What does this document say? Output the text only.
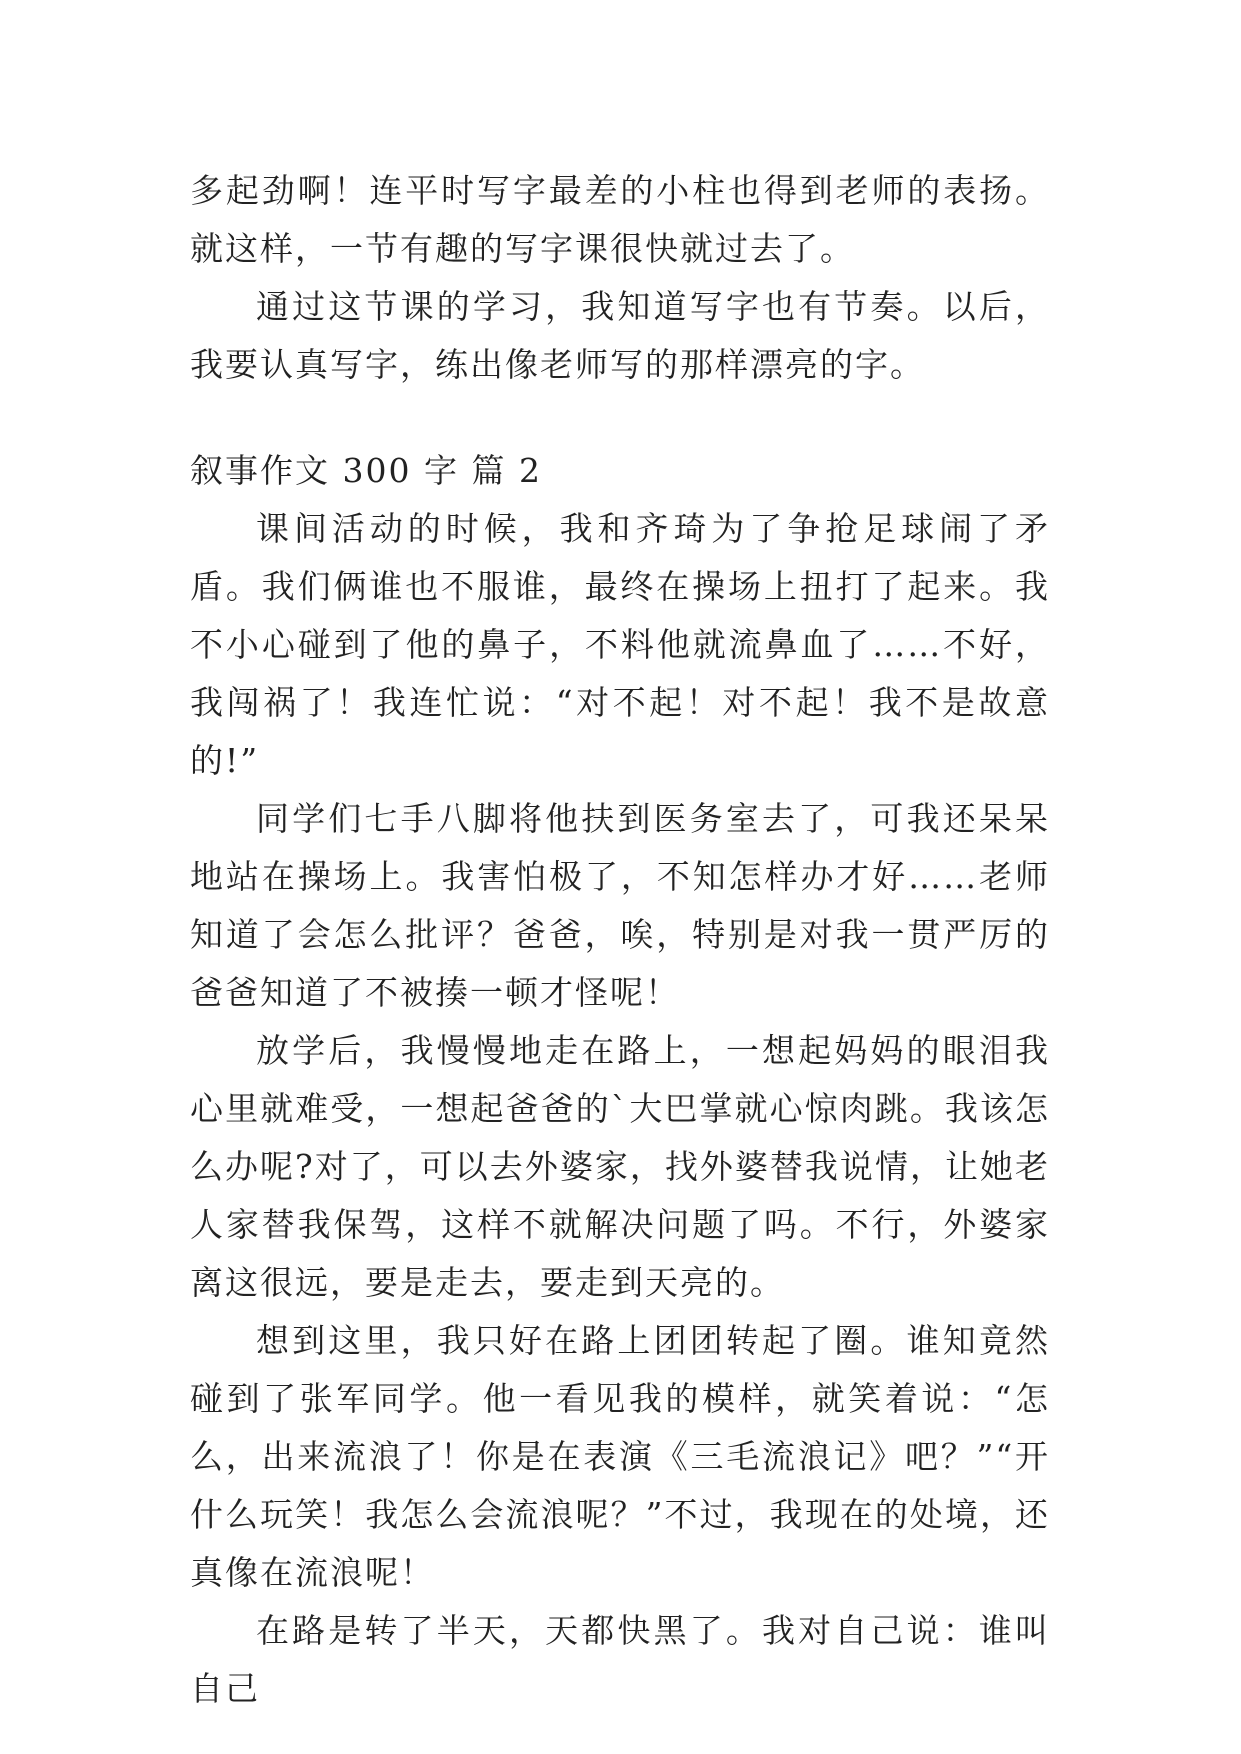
多起劲啊！连平时写字最差的小柱也得到老师的表扬。就这样，一节有趣的写字课很快就过去了。

通过这节课的学习，我知道写字也有节奏。以后，我要认真写字，练出像老师写的那样漂亮的字。

叙事作文 300 字 篇 2

课间活动的时候，我和齐琦为了争抢足球闹了矛盾。我们俩谁也不服谁，最终在操场上扭打了起来。我不小心碰到了他的鼻子，不料他就流鼻血了……不好，我闯祸了！我连忙说：“对不起！对不起！我不是故意的!”

同学们七手八脚将他扶到医务室去了，可我还呆呆地站在操场上。我害怕极了，不知怎样办才好……老师知道了会怎么批评？爸爸，唉，特别是对我一贯严厉的爸爸知道了不被揍一顿才怪呢！

放学后，我慢慢地走在路上，一想起妈妈的眼泪我心里就难受，一想起爸爸的`大巴掌就心惊肉跳。我该怎么办呢?对了，可以去外婆家，找外婆替我说情，让她老人家替我保驾，这样不就解决问题了吗。不行，外婆家离这很远，要是走去，要走到天亮的。

想到这里，我只好在路上团团转起了圈。谁知竟然碰到了张军同学。他一看见我的模样，就笑着说：“怎么，出来流浪了！你是在表演《三毛流浪记》吧？”“开什么玩笑！我怎么会流浪呢？”不过，我现在的处境，还真像在流浪呢！

在路是转了半天，天都快黑了。我对自己说：谁叫自己
